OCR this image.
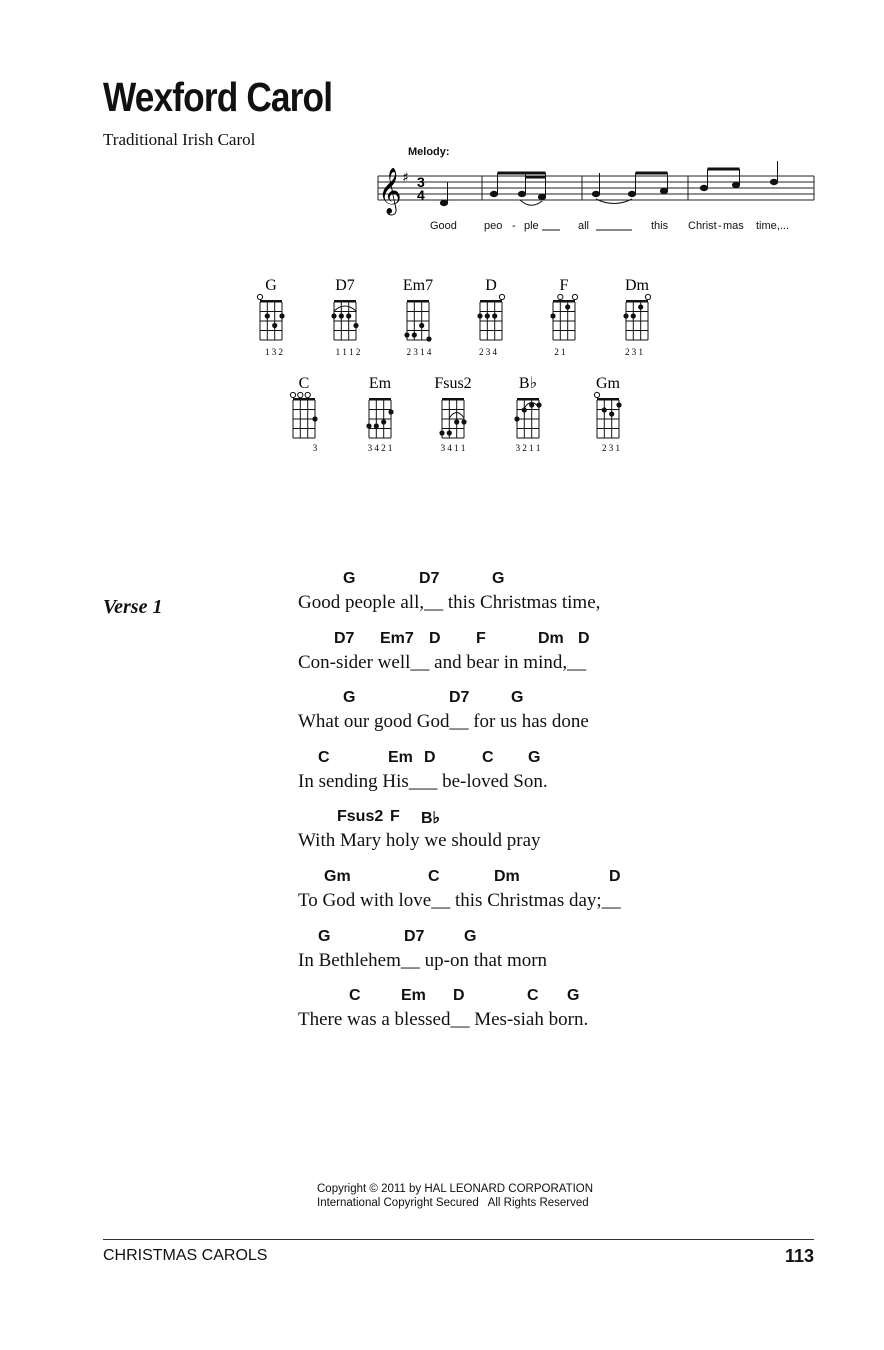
Wexford Carol
Traditional Irish Carol
Melody:
𝄞 ♯ 3
4
Good peo - ple	all	this Christ - mas time,...
G
1 3 2
D7
1 1 1 2
Em7
2 3 1 4
D
2 3 4
F
2 1
Dm
2 3 1
C
3
Em
3 4 2 1
Fsus2
3 4 1 1
B♭
3 2 1 1
Gm
2 3 1
Verse 1
G	D7	G
Good people all,__ this Christmas time,
D7 Em7 D F	Dm D
Con-sider well__ and bear in mind,__
G	D7	G
What our good God__ for us has done
C	Em D	C G
In sending His___ be-loved Son.
Fsus2 F B♭
With Mary holy we should pray
Gm	C	Dm	D
To God with love__ this Christmas day;__
G	D7 G
In Bethlehem__ up-on that morn
C	Em D	C G
There was a blessed__ Mes-siah born.
Copyright © 2011 by HAL LEONARD CORPORATION
International Copyright Secured   All Rights Reserved
CHRISTMAS CAROLS	113
